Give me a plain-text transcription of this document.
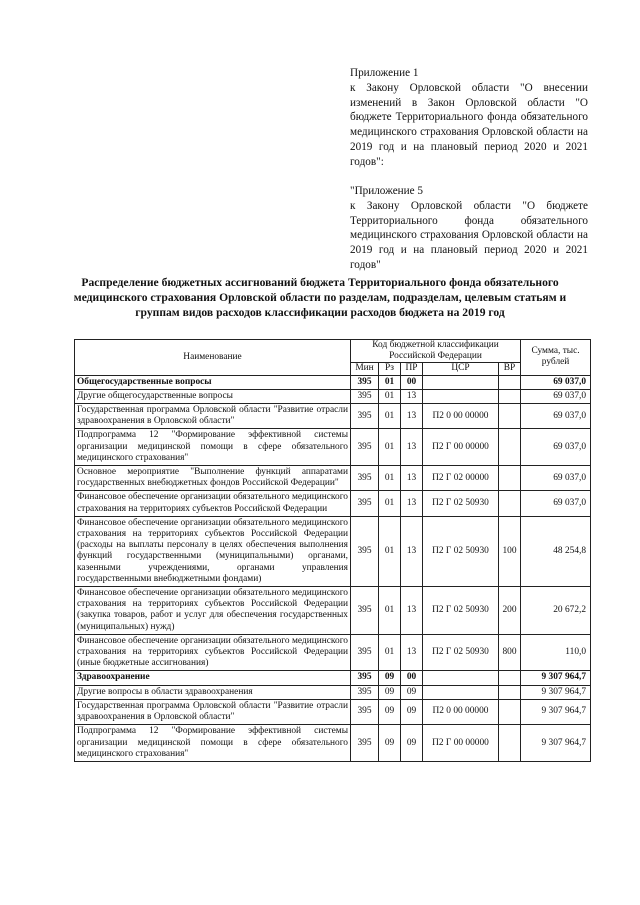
Приложение 1

к Закону Орловской области "О внесении изменений в Закон Орловской области "О бюджете Территориального фонда обязательного медицинского страхования Орловской области на 2019 год и на плановый период 2020 и 2021 годов":

"Приложение 5

к Закону Орловской области "О бюджете Территориального фонда обязательного медицинского страхования Орловской области на 2019 год и на плановый период 2020 и 2021 годов"

Распределение бюджетных ассигнований бюджета Территориального фонда обязательного медицинского страхования Орловской области по разделам, подразделам, целевым статьям и группам видов расходов классификации расходов бюджета на 2019 год
Наименование	Код бюджетной классификации Российской Федерации					Сумма, тыс. рублей
	Мин	Рз	ПР	ЦСР	ВР	
Общегосударственные вопросы	395	01	00			69 037,0
Другие общегосударственные вопросы	395	01	13			69 037,0
Государственная программа Орловской области "Развитие отрасли здравоохранения в Орловской области"	395	01	13	П2 0 00 00000		69 037,0
Подпрограмма 12 "Формирование эффективной системы организации медицинской помощи в сфере обязательного медицинского страхования"	395	01	13	П2 Г 00 00000		69 037,0
Основное мероприятие "Выполнение функций аппаратами государственных внебюджетных фондов Российской Федерации"	395	01	13	П2 Г 02 00000		69 037,0
Финансовое обеспечение организации обязательного медицинского страхования на территориях субъектов Российской Федерации	395	01	13	П2 Г 02 50930		69 037,0
Финансовое обеспечение организации обязательного медицинского страхования на территориях субъектов Российской Федерации (расходы на выплаты персоналу в целях обеспечения выполнения функций государственными (муниципальными) органами, казенными учреждениями, органами управления государственными внебюджетными фондами)	395	01	13	П2 Г 02 50930	100	48 254,8
Финансовое обеспечение организации обязательного медицинского страхования на территориях субъектов Российской Федерации (закупка товаров, работ и услуг для обеспечения государственных (муниципальных) нужд)	395	01	13	П2 Г 02 50930	200	20 672,2
Финансовое обеспечение организации обязательного медицинского страхования на территориях субъектов Российской Федерации (иные бюджетные ассигнования)	395	01	13	П2 Г 02 50930	800	110,0
Здравоохранение	395	09	00			9 307 964,7
Другие вопросы в области здравоохранения	395	09	09			9 307 964,7
Государственная программа Орловской области "Развитие отрасли здравоохранения в Орловской области"	395	09	09	П2 0 00 00000		9 307 964,7
Подпрограмма 12 "Формирование эффективной системы организации медицинской помощи в сфере обязательного медицинского страхования"	395	09	09	П2 Г 00 00000		9 307 964,7
